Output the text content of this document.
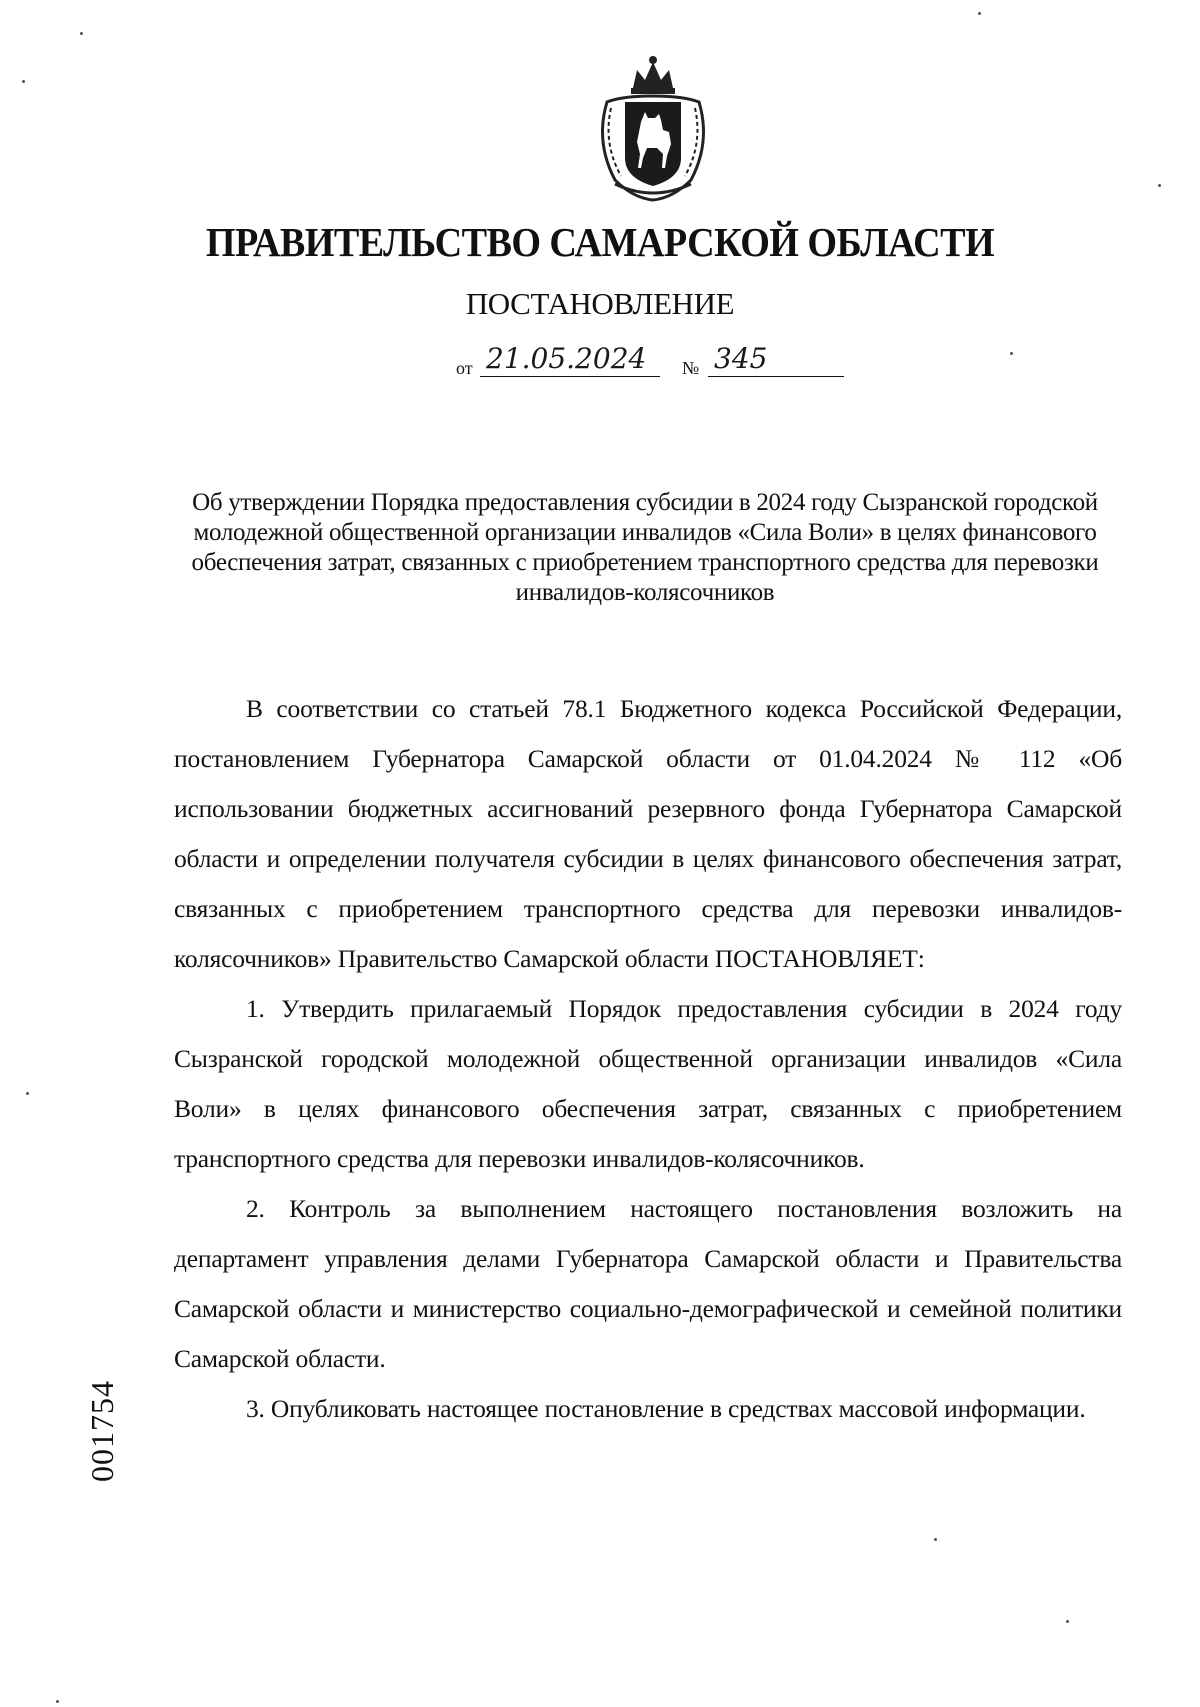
ПРАВИТЕЛЬСТВО САМАРСКОЙ ОБЛАСТИ
ПОСТАНОВЛЕНИЕ
от 21.05.2024	№ 345
Об утверждении Порядка предоставления субсидии в 2024 году Сызранской городской молодежной общественной организации инвалидов «Сила Воли» в целях финансового обеспечения затрат, связанных с приобретением транспортного средства для перевозки инвалидов-колясочников

В соответствии со статьей 78.1 Бюджетного кодекса Российской Федерации, постановлением Губернатора Самарской области от 01.04.2024 № 112 «Об использовании бюджетных ассигнований резервного фонда Губернатора Самарской области и определении получателя субсидии в целях финансового обеспечения затрат, связанных с приобретением транспортного средства для перевозки инвалидов-колясочников» Правительство Самарской области ПОСТАНОВЛЯЕТ:

1. Утвердить прилагаемый Порядок предоставления субсидии в 2024 году Сызранской городской молодежной общественной организации инвалидов «Сила Воли» в целях финансового обеспечения затрат, связанных с приобретением транспортного средства для перевозки инвалидов-колясочников.

2. Контроль за выполнением настоящего постановления возложить на департамент управления делами Губернатора Самарской области и Правительства Самарской области и министерство социально-демографической и семейной политики Самарской области.

3. Опубликовать настоящее постановление в средствах массовой информации.

001754
